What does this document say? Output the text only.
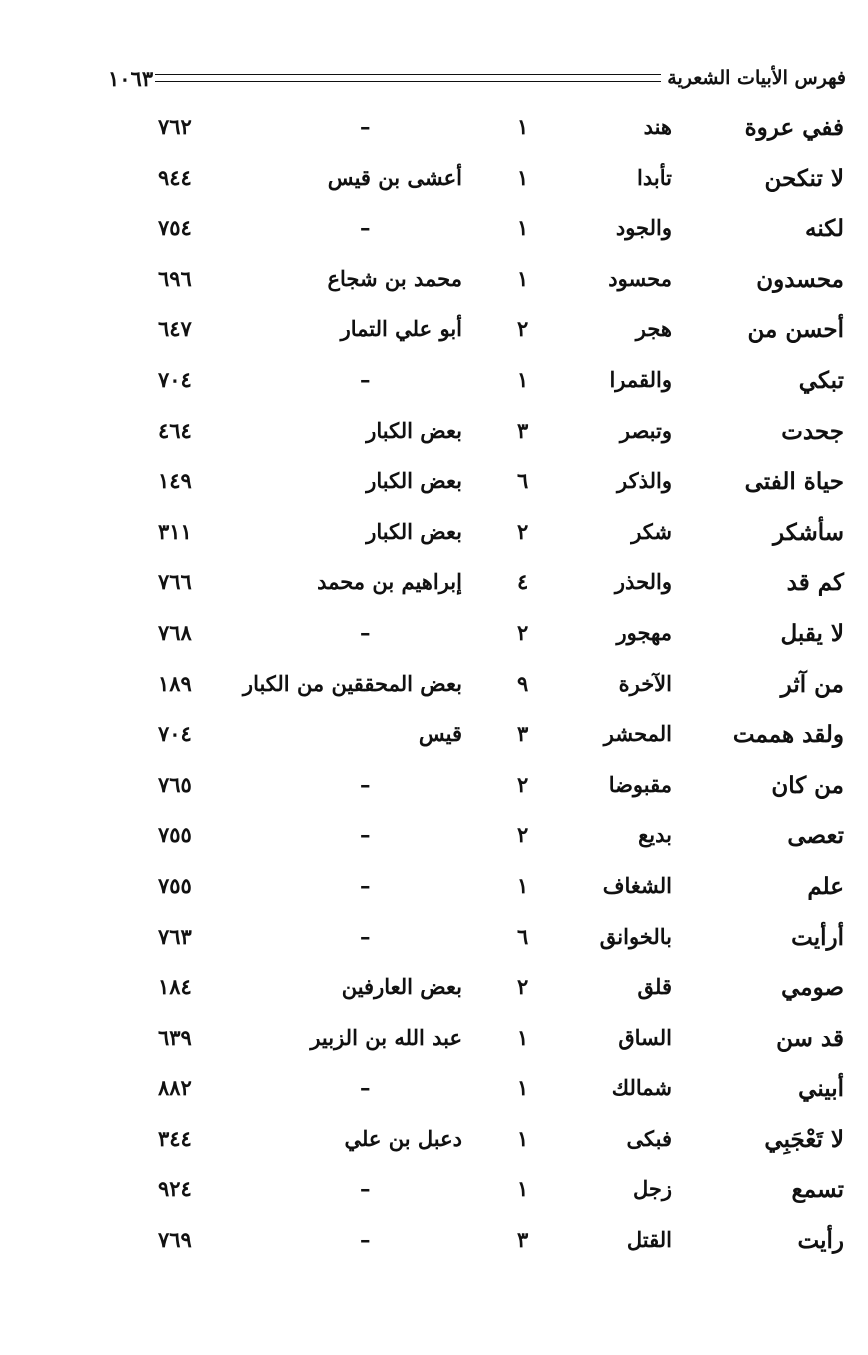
فهرس الأبيات الشعرية
١٠٦٣
ففي عروة
هند
١
–
٧٦٢
لا تنكحن
تأبدا
١
أعشى بن قيس
٩٤٤
لكنه
والجود
١
–
٧٥٤
محسدون
محسود
١
محمد بن شجاع
٦٩٦
أحسن من
هجر
٢
أبو علي التمار
٦٤٧
تبكي
والقمرا
١
–
٧٠٤
جحدت
وتبصر
٣
بعض الكبار
٤٦٤
حياة الفتى
والذكر
٦
بعض الكبار
١٤٩
سأشكر
شكر
٢
بعض الكبار
٣١١
كم قد
والحذر
٤
إبراهيم بن محمد
٧٦٦
لا يقبل
مهجور
٢
–
٧٦٨
من آثر
الآخرة
٩
بعض المحققين من الكبار
١٨٩
ولقد هممت
المحشر
٣
قيس
٧٠٤
من كان
مقبوضا
٢
–
٧٦٥
تعصى
بديع
٢
–
٧٥٥
علم
الشغاف
١
–
٧٥٥
أرأيت
بالخوانق
٦
–
٧٦٣
صومي
قلق
٢
بعض العارفين
١٨٤
قد سن
الساق
١
عبد الله بن الزبير
٦٣٩
أبيني
شمالك
١
–
٨٨٢
لا تَعْجَبِي
فبكى
١
دعبل بن علي
٣٤٤
تسمع
زجل
١
–
٩٢٤
رأيت
القتل
٣
–
٧٦٩
